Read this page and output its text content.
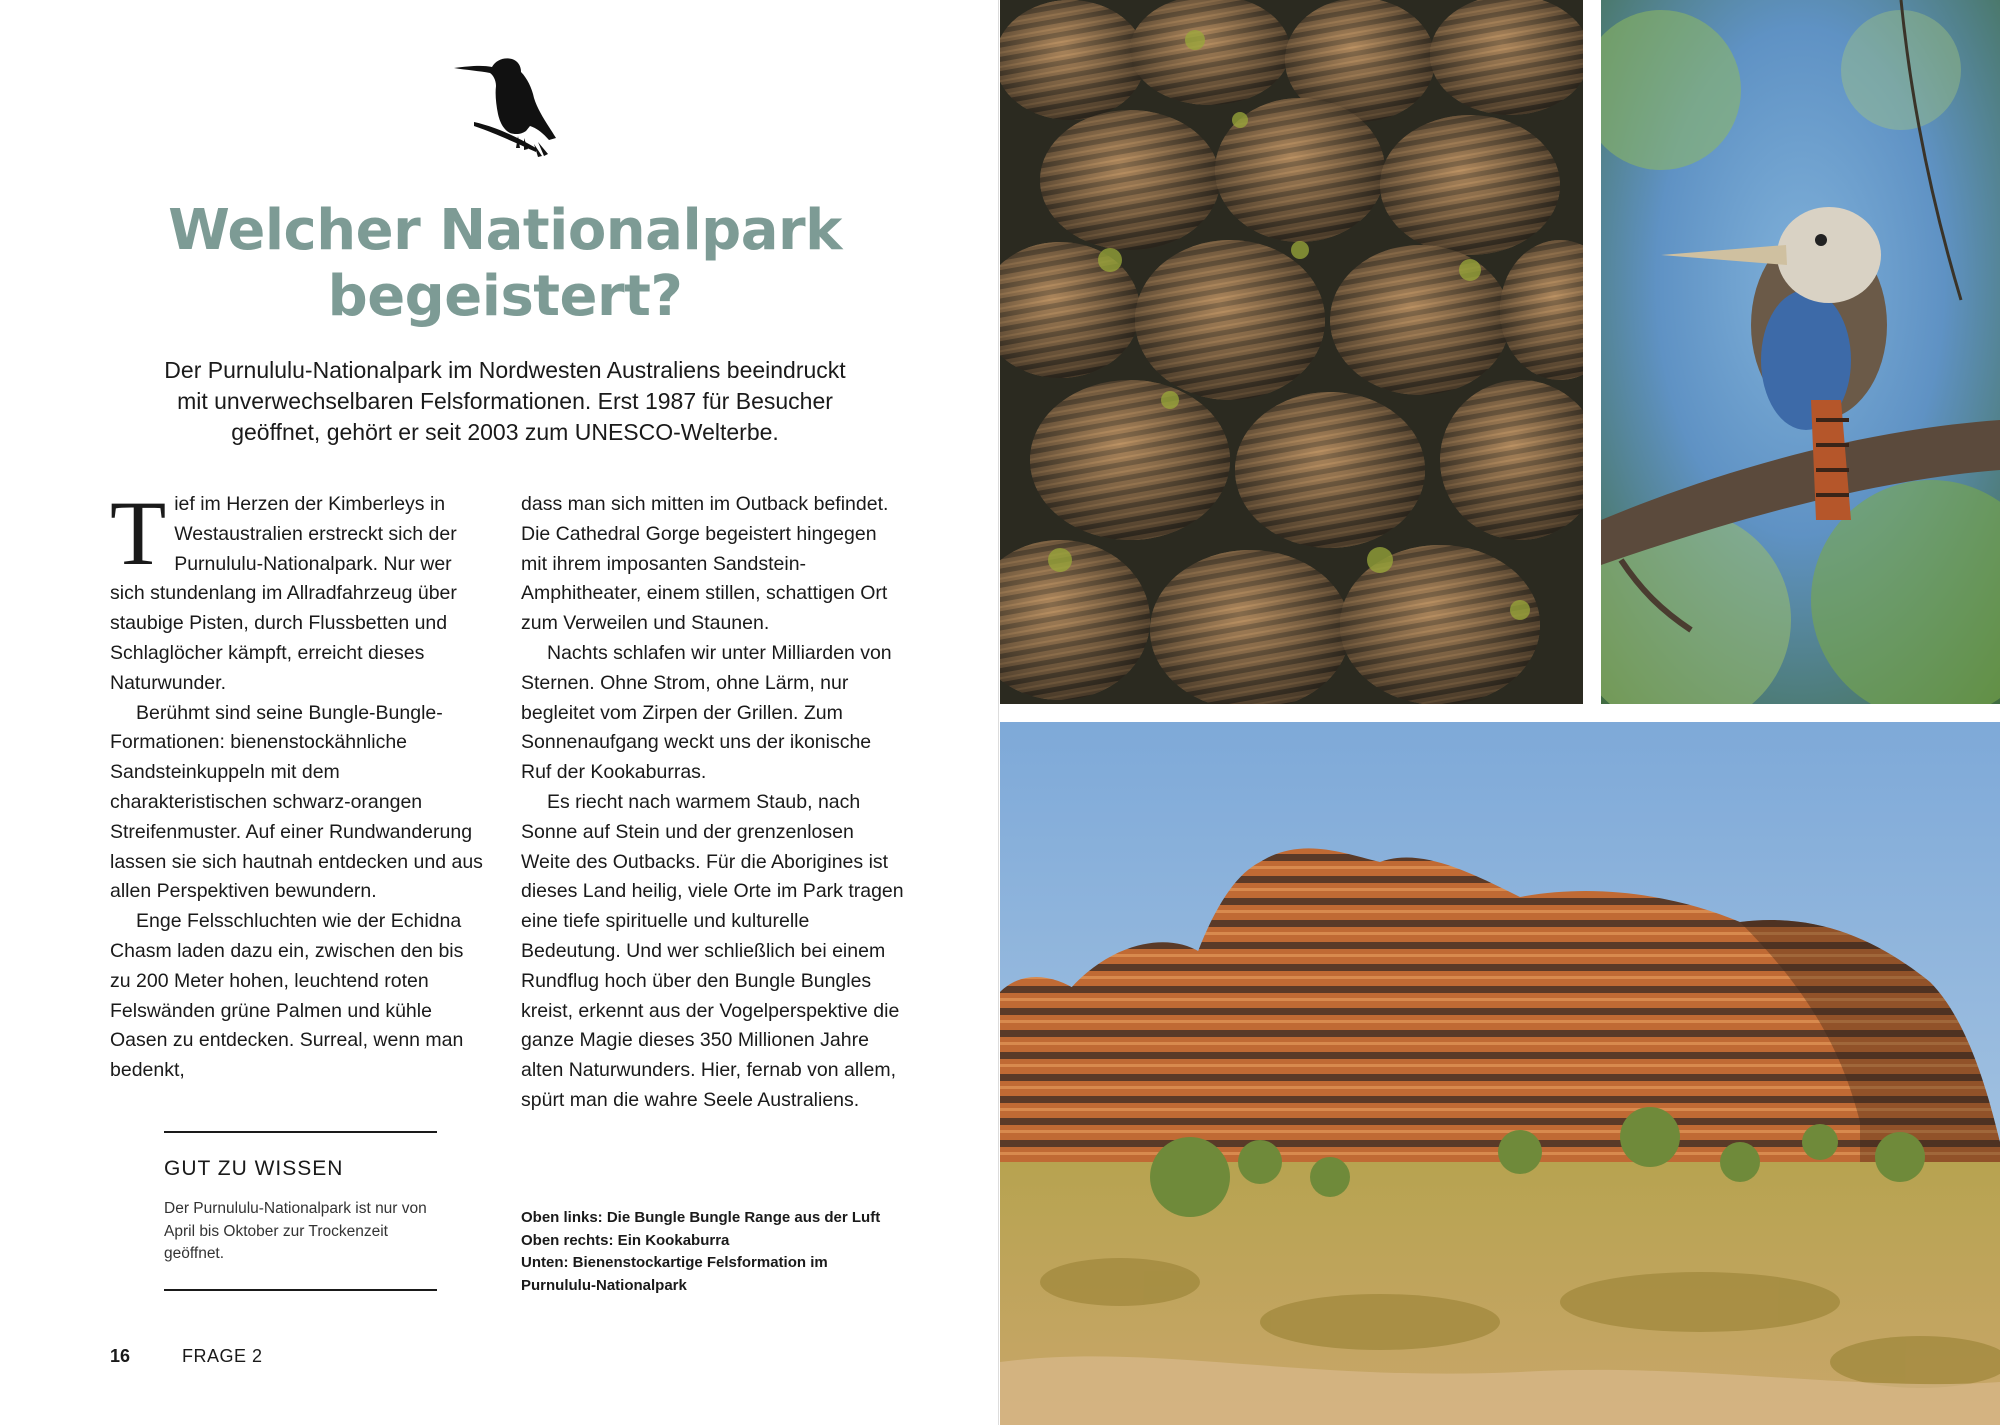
Welcher Nationalpark
begeistert?
Der Purnululu-Nationalpark im Nordwesten Australiens beeindruckt
mit unverwechselbaren Felsformationen. Erst 1987 für Besucher
geöffnet, gehört er seit 2003 zum UNESCO-Welterbe.
T ief im Herzen der Kimberleys in Westaustralien erstreckt sich der Purnululu-Nationalpark. Nur wer sich stundenlang im Allradfahrzeug über staubige Pisten, durch Flussbetten und Schlaglöcher kämpft, erreicht dieses Naturwunder.

Berühmt sind seine Bungle-Bungle-Formationen: bienenstockähnliche Sandsteinkuppeln mit dem charakteristischen schwarz-orangen Streifenmuster. Auf einer Rundwanderung lassen sie sich hautnah entdecken und aus allen Perspektiven bewundern.

Enge Felsschluchten wie der Echidna Chasm laden dazu ein, zwischen den bis zu 200 Meter hohen, leuchtend roten Felswänden grüne Palmen und kühle Oasen zu entdecken. Surreal, wenn man bedenkt,

dass man sich mitten im Outback befindet. Die Cathedral Gorge begeistert hingegen mit ihrem imposanten Sandstein-Amphitheater, einem stillen, schattigen Ort zum Verweilen und Staunen.

Nachts schlafen wir unter Milliarden von Sternen. Ohne Strom, ohne Lärm, nur begleitet vom Zirpen der Grillen. Zum Sonnenaufgang weckt uns der ikonische Ruf der Kookaburras.

Es riecht nach warmem Staub, nach Sonne auf Stein und der grenzenlosen Weite des Outbacks. Für die Aborigines ist dieses Land heilig, viele Orte im Park tragen eine tiefe spirituelle und kulturelle Bedeutung. Und wer schließlich bei einem Rundflug hoch über den Bungle Bungles kreist, erkennt aus der Vogelperspektive die ganze Magie dieses 350 Millionen Jahre alten Naturwunders. Hier, fernab von allem, spürt man die wahre Seele Australiens.

GUT ZU WISSEN
Der Purnululu-Nationalpark ist nur von April bis Oktober zur Trockenzeit geöffnet.
Oben links: Die Bungle Bungle Range aus der Luft
Oben rechts: Ein Kookaburra
Unten: Bienenstockartige Felsformation im
Purnululu-Nationalpark
16	FRAGE 2
